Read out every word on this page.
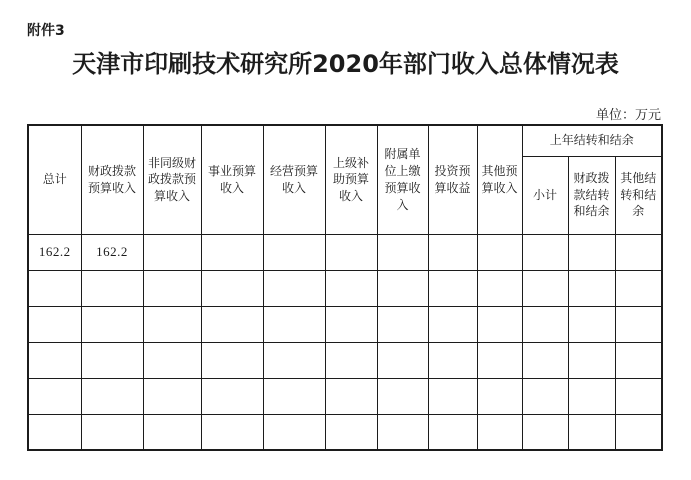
附件3
天津市印刷技术研究所2020年部门收入总体情况表
单位：万元
总计	财政拨款预算收入	非同级财政拨款预算收入	事业预算收入	经营预算收入	上级补助预算收入	附属单位上缴预算收入	投资预算收益	其他预算收入	上年结转和结余		
									小计	财政拨款结转和结余	其他结转和结余
162.2	162.2										
